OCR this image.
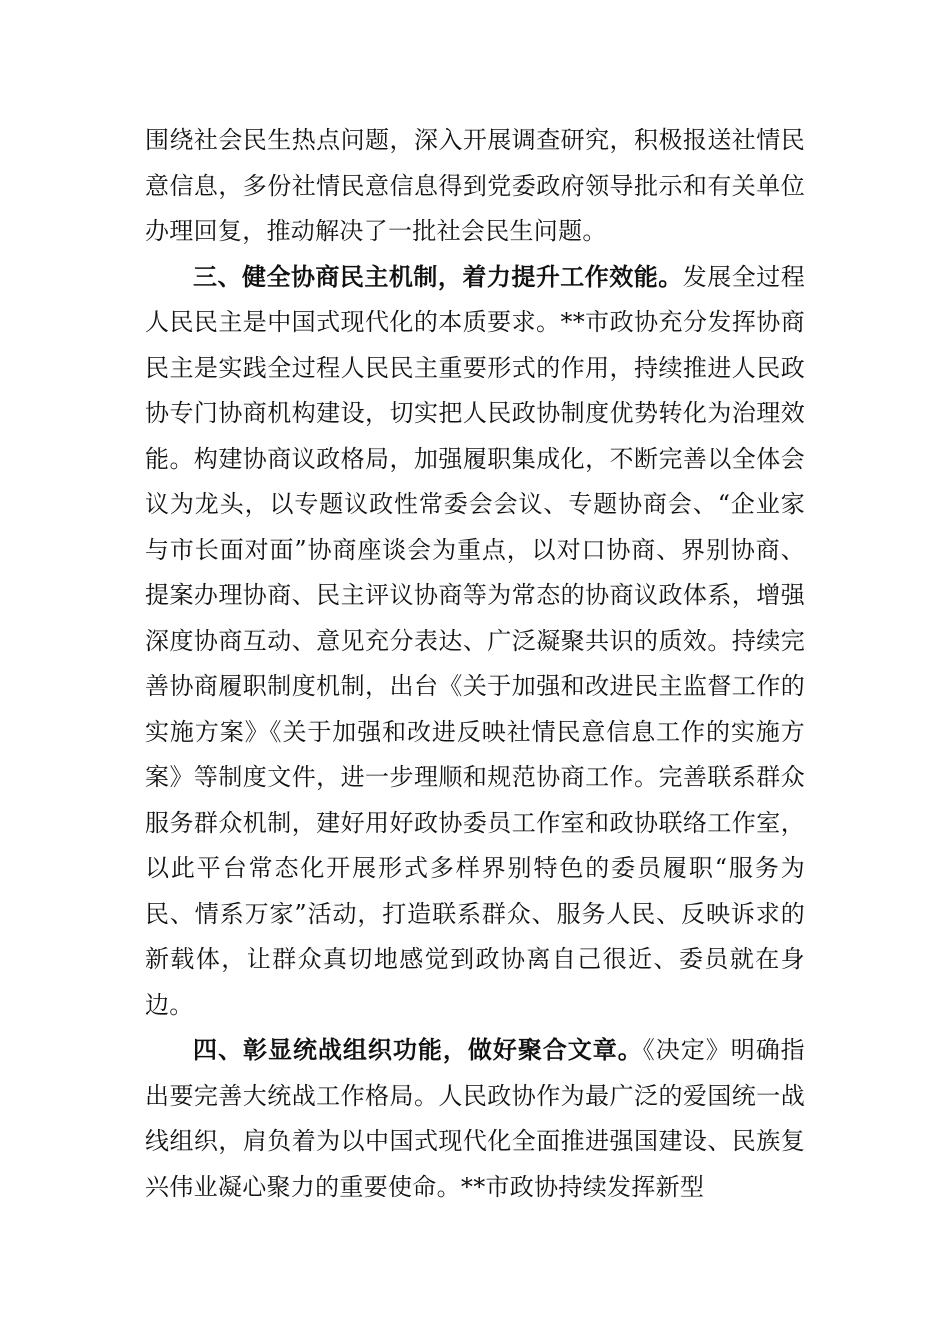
围绕社会民生热点问题，深入开展调查研究，积极报送社情民意信息，多份社情民意信息得到党委政府领导批示和有关单位办理回复，推动解决了一批社会民生问题。

三、健全协商民主机制，着力提升工作效能。发展全过程人民民主是中国式现代化的本质要求。**市政协充分发挥协商民主是实践全过程人民民主重要形式的作用，持续推进人民政协专门协商机构建设，切实把人民政协制度优势转化为治理效能。构建协商议政格局，加强履职集成化，不断完善以全体会议为龙头，以专题议政性常委会会议、专题协商会、“企业家与市长面对面”协商座谈会为重点，以对口协商、界别协商、提案办理协商、民主评议协商等为常态的协商议政体系，增强深度协商互动、意见充分表达、广泛凝聚共识的质效。持续完善协商履职制度机制，出台《关于加强和改进民主监督工作的实施方案》《关于加强和改进反映社情民意信息工作的实施方案》等制度文件，进一步理顺和规范协商工作。完善联系群众服务群众机制，建好用好政协委员工作室和政协联络工作室，以此平台常态化开展形式多样界别特色的委员履职“服务为民、情系万家”活动，打造联系群众、服务人民、反映诉求的新载体，让群众真切地感觉到政协离自己很近、委员就在身边。

四、彰显统战组织功能，做好聚合文章。《决定》明确指出要完善大统战工作格局。人民政协作为最广泛的爱国统一战线组织，肩负着为以中国式现代化全面推进强国建设、民族复兴伟业凝心聚力的重要使命。**市政协持续发挥新型
